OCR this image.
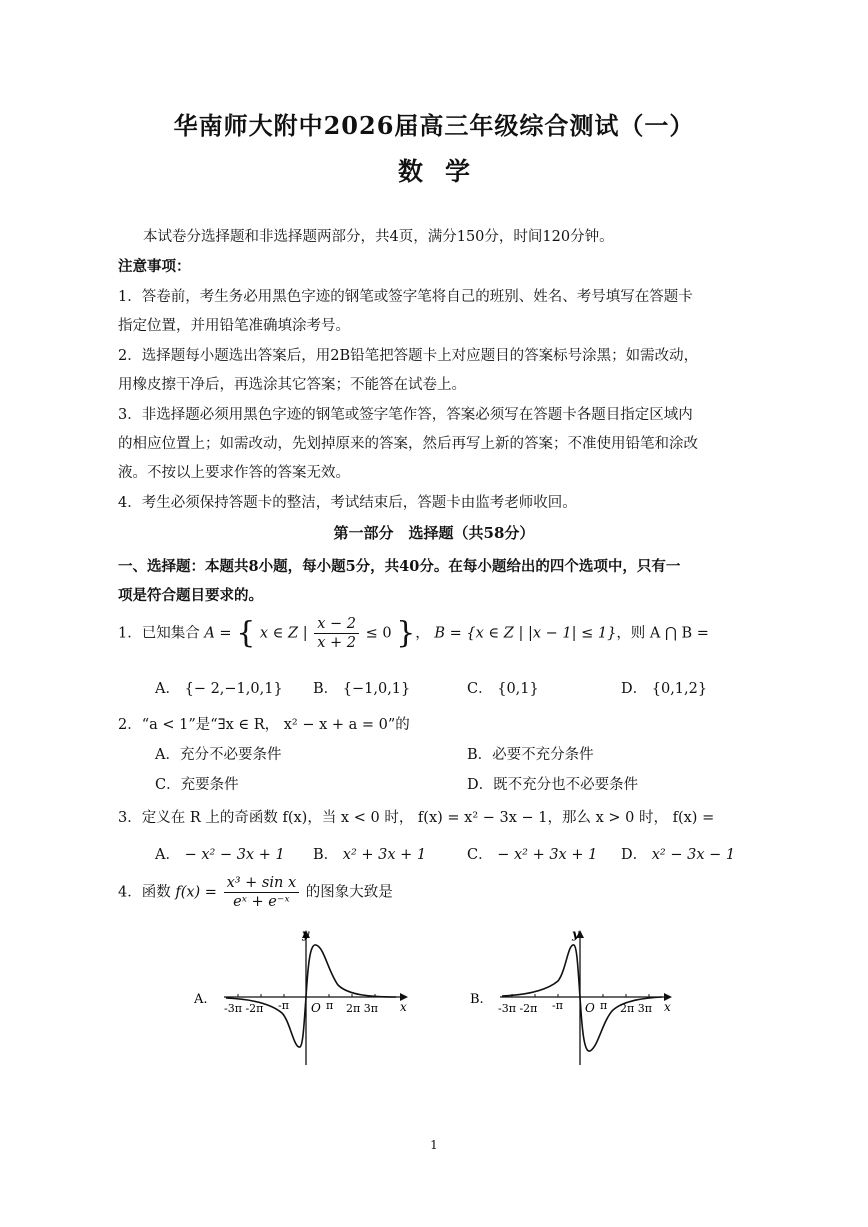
华南师大附中2026届高三年级综合测试（一）
数学
本试卷分选择题和非选择题两部分，共4页，满分150分，时间120分钟。
注意事项：
1．答卷前，考生务必用黑色字迹的钢笔或签字笔将自己的班别、姓名、考号填写在答题卡
指定位置，并用铅笔准确填涂考号。
2．选择题每小题选出答案后，用2B铅笔把答题卡上对应题目的答案标号涂黑；如需改动，
用橡皮擦干净后，再选涂其它答案；不能答在试卷上。
3．非选择题必须用黑色字迹的钢笔或签字笔作答，答案必须写在答题卡各题目指定区域内
的相应位置上；如需改动，先划掉原来的答案，然后再写上新的答案；不准使用铅笔和涂改
液。不按以上要求作答的答案无效。
4．考生必须保持答题卡的整洁，考试结束后，答题卡由监考老师收回。
第一部分　选择题（共58分）
一、选择题：本题共8小题，每小题5分，共40分。在每小题给出的四个选项中，只有一
项是符合题目要求的。
1．已知集合 A = { x ∈ Z | $\frac{x - 2}{x + 2} \le 0$ }， B = {x ∈ Z | |x − 1| ≤ 1}，则 A ⋂ B =
A． {− 2,−1,0,1} B． {−1,0,1}	C． {0,1}	D． {0,1,2}
2．“a < 1”是“∃x ∈ R， x² − x + a = 0”的
A．充分不必要条件	B．必要不充分条件
C．充要条件	D．既不充分也不必要条件
3．定义在 R 上的奇函数 f(x)，当 x < 0 时， f(x) = x² − 3x − 1，那么 x > 0 时， f(x) =
A． − x² − 3x + 1 B． x² + 3x + 1	C． − x² + 3x + 1 D． x² − 3x − 1
4．函数 $f(x) = \frac{\text{x³ + sin x}}{\text{eˣ + e⁻ˣ}}$ 的图象大致是
A.
y
x
O
-3π -2π -π	π 2π 3π
B.
y
x
O
-3π -2π -π	π 2π 3π
1
